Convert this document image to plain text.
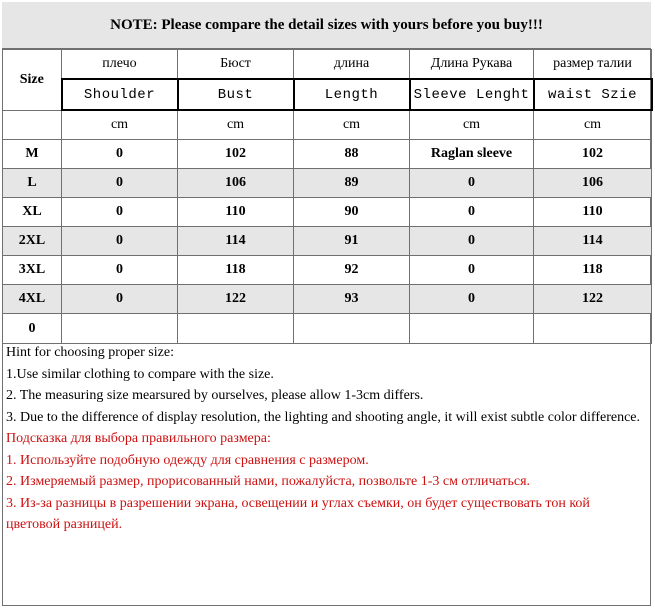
NOTE: Please compare the detail sizes with yours before you buy!!!
Size	плечо	Бюст	длина	Длина Рукава	размер талии
	Shoulder	Bust	Length	Sleeve Lenght	waist Szie
	cm	cm	cm	cm	cm
M	0	102	88	Raglan sleeve	102
L	0	106	89	0	106
XL	0	110	90	0	110
2XL	0	114	91	0	114
3XL	0	118	92	0	118
4XL	0	122	93	0	122
0					

Hint for choosing proper size:

1.Use similar clothing to compare with the size.

2. The measuring size mearsured by ourselves, please allow 1-3cm differs.

3. Due to the difference of display resolution, the lighting and shooting angle, it will exist subtle color difference.

Подсказка для выбора правильного размера:

1. Используйте подобную одежду для сравнения с размером.

2. Измеряемый размер, прорисованный нами, пожалуйста, позвольте 1-3 см отличаться.

3. Из-за разницы в разрешении экрана, освещении и углах съемки, он будет существовать тон кой цветовой разницей.
